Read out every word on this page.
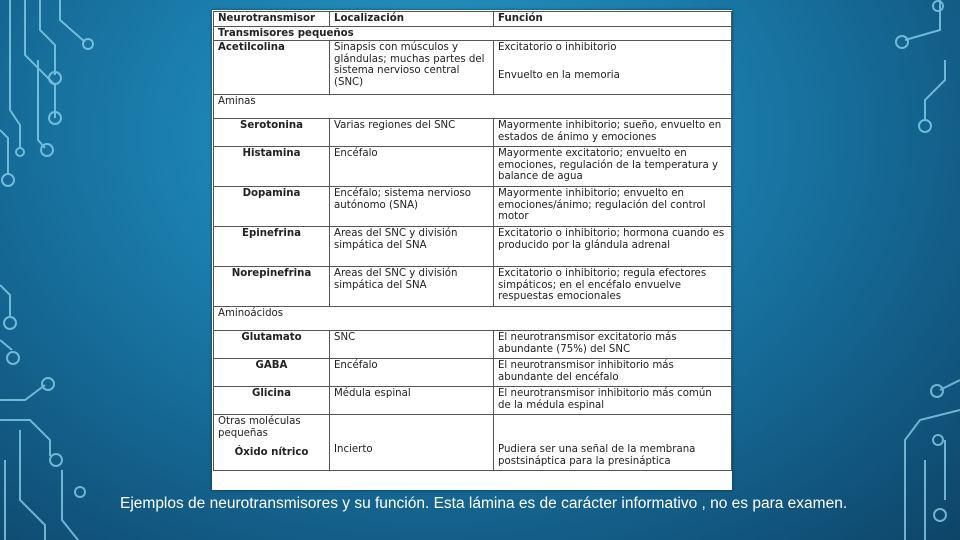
Neurotransmisor	Localización	Función
Transmisores pequeños		
Acetilcolina	Sinapsis con músculos y glándulas; muchas partes del sistema nervioso central (SNC)	Excitatorio o inhibitorio
Envuelto en la memoria

Aminas		
Serotonina	Varias regiones del SNC	Mayormente inhibitorio; sueño, envuelto en estados de ánimo y emociones
Histamina	Encéfalo	Mayormente excitatorio; envuelto en emociones, regulación de la temperatura y balance de agua
Dopamina	Encéfalo; sistema nervioso autónomo (SNA)	Mayormente inhibitorio; envuelto en emociones/ánimo; regulación del control motor
Epinefrina	Areas del SNC y división simpática del SNA	Excitatorio o inhibitorio; hormona cuando es producido por la glándula adrenal
Norepinefrina	Areas del SNC y división simpática del SNA	Excitatorio o inhibitorio; regula efectores simpáticos; en el encéfalo envuelve respuestas emocionales
Aminoácidos		
Glutamato	SNC	El neurotransmisor excitatorio más abundante (75%) del SNC
GABA	Encéfalo	El neurotransmisor inhibitorio más abundante del encéfalo
Glicina	Médula espinal	El neurotransmisor inhibitorio más común de la médula espinal

Otras moléculas pequeñas
Óxido nítrico	Incierto	Pudiera ser una señal de la membrana postsináptica para la presináptica
Ejemplos de neurotransmisores y su función. Esta lámina es de carácter informativo , no es para examen.
